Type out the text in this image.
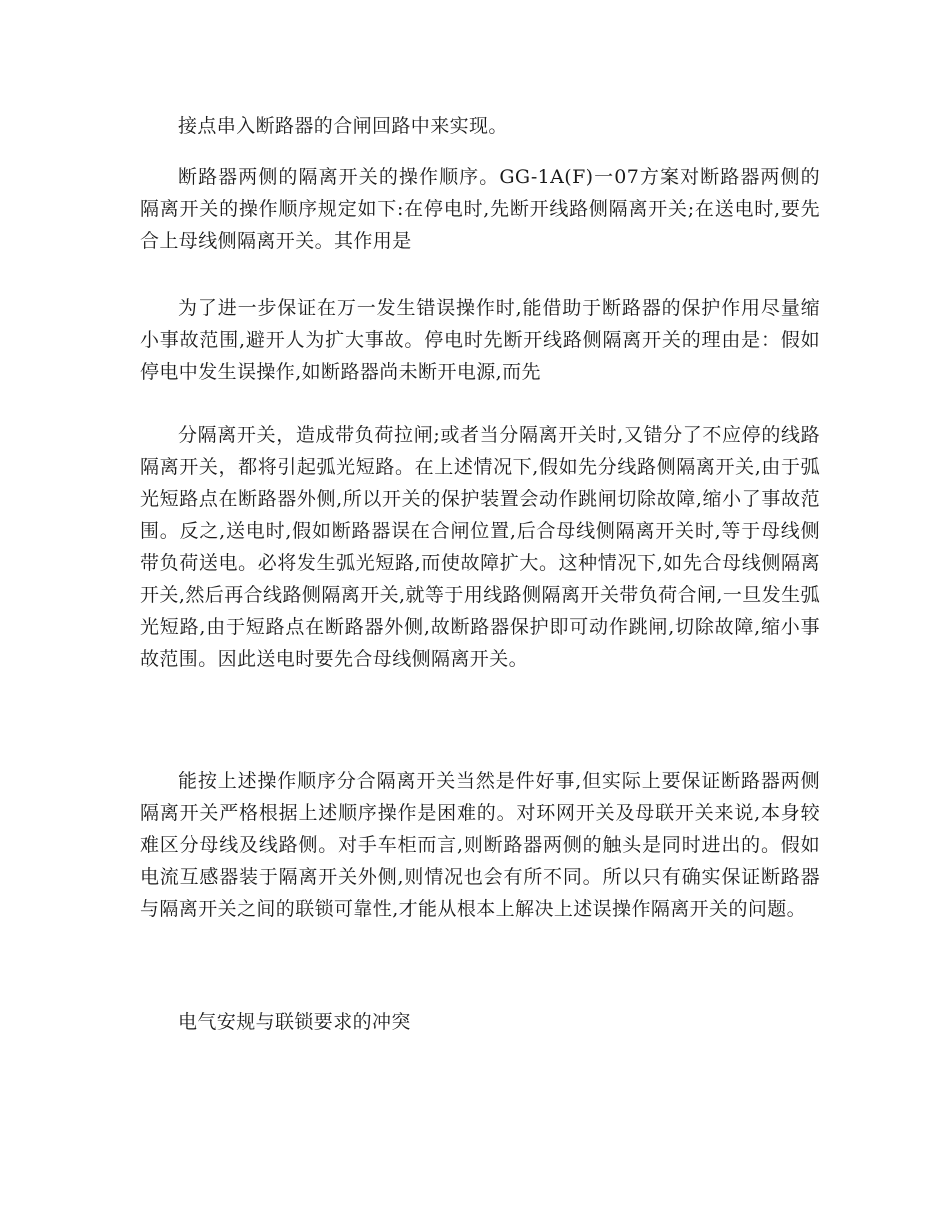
接点串入断路器的合闸回路中来实现。

断路器两侧的隔离开关的操作顺序。GG-1A(F)一07方案对断路器两侧的隔离开关的操作顺序规定如下:在停电时,先断开线路侧隔离开关;在送电时,要先合上母线侧隔离开关。其作用是

为了进一步保证在万一发生错误操作时,能借助于断路器的保护作用尽量缩小事故范围,避开人为扩大事故。停电时先断开线路侧隔离开关的理由是：假如停电中发生误操作,如断路器尚未断开电源,而先

分隔离开关，造成带负荷拉闸;或者当分隔离开关时,又错分了不应停的线路隔离开关，都将引起弧光短路。在上述情况下,假如先分线路侧隔离开关,由于弧光短路点在断路器外侧,所以开关的保护装置会动作跳闸切除故障,缩小了事故范围。反之,送电时,假如断路器误在合闸位置,后合母线侧隔离开关时,等于母线侧带负荷送电。必将发生弧光短路,而使故障扩大。这种情况下,如先合母线侧隔离开关,然后再合线路侧隔离开关,就等于用线路侧隔离开关带负荷合闸,一旦发生弧光短路,由于短路点在断路器外侧,故断路器保护即可动作跳闸,切除故障,缩小事故范围。因此送电时要先合母线侧隔离开关。

能按上述操作顺序分合隔离开关当然是件好事,但实际上要保证断路器两侧隔离开关严格根据上述顺序操作是困难的。对环网开关及母联开关来说,本身较难区分母线及线路侧。对手车柜而言,则断路器两侧的触头是同时进出的。假如电流互感器装于隔离开关外侧,则情况也会有所不同。所以只有确实保证断路器与隔离开关之间的联锁可靠性,才能从根本上解决上述误操作隔离开关的问题。

电气安规与联锁要求的冲突
